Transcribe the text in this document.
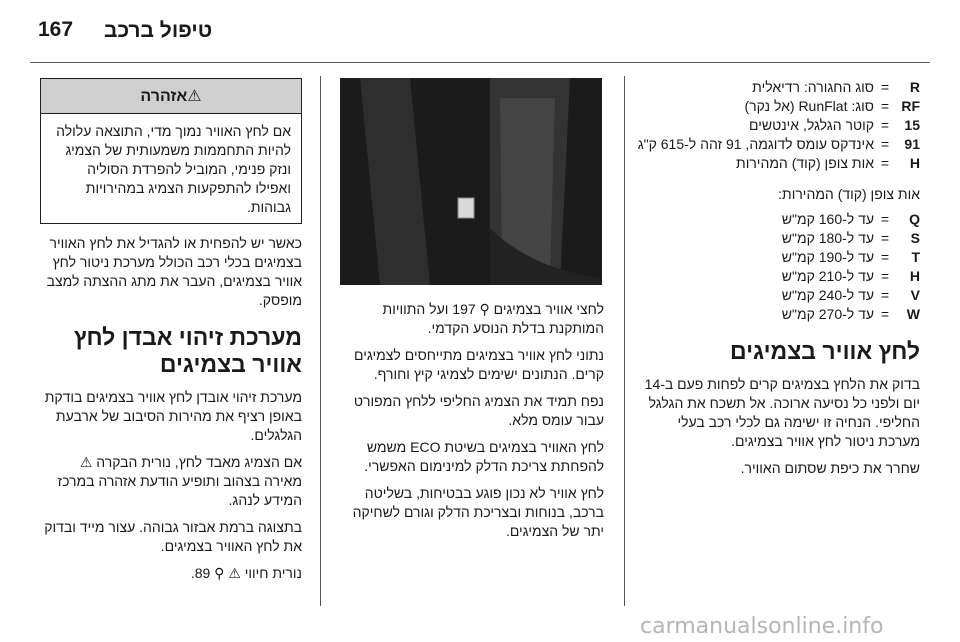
167 טיפול ברכב
R	=	סוג החגורה: רדיאלית
RF	=	סוג: RunFlat (אל נקר)
15	=	קוטר הגלגל, אינטשים
91	=	אינדקס עומס לדוגמה, 91 זהה ל-615 ק"ג
H	=	אות צופן (קוד) המהירות

אות צופן (קוד) המהירות:

Q	=	עד ל-160 קמ"ש
S	=	עד ל-180 קמ"ש
T	=	עד ל-190 קמ"ש
H	=	עד ל-210 קמ"ש
V	=	עד ל-240 קמ"ש
W	=	עד ל-270 קמ"ש
לחץ אוויר בצמיגים

בדוק את הלחץ בצמיגים קרים לפחות פעם ב-14 יום ולפני כל נסיעה ארוכה. אל תשכח את הגלגל החליפי. הנחיה זו ישימה גם לכלי רכב בעלי מערכת ניטור לחץ אוויר בצמיגים.

שחרר את כיפת שסתום האוויר.

לחצי אוויר בצמיגים ⚲ 197 ועל התוויות המותקנת בדלת הנוסע הקדמי.

נתוני לחץ אוויר בצמיגים מתייחסים לצמיגים קרים. הנתונים ישימים לצמיגי קיץ וחורף.

נפח תמיד את הצמיג החליפי ללחץ המפורט עבור עומס מלא.

לחץ האוויר בצמיגים בשיטת ECO משמש להפחתת צריכת הדלק למינימום האפשרי.

לחץ אוויר לא נכון פוגע בבטיחות, בשליטה ברכב, בנוחות ובצריכת הדלק וגורם לשחיקה יתר של הצמיגים.

⚠אזהרה
אם לחץ האוויר נמוך מדי, התוצאה עלולה להיות התחממות משמעותית של הצמיג ונזק פנימי, המוביל להפרדת הסוליה ואפילו להתפקעות הצמיג במהירויות גבוהות.

כאשר יש להפחית או להגדיל את לחץ האוויר בצמיגים בכלי רכב הכולל מערכת ניטור לחץ אוויר בצמיגים, העבר את מתג ההצתה למצב מופסק.

מערכת זיהוי אבדן לחץ אוויר בצמיגים

מערכת זיהוי אובדן לחץ אוויר בצמיגים בודקת באופן רציף את מהירות הסיבוב של ארבעת הגלגלים.

אם הצמיג מאבד לחץ, נורית הבקרה ⚠ מאירה בצהוב ותופיע הודעת אזהרה במרכז המידע לנהג.

בתצוגה ברמת אבזור גבוהה. עצור מייד ובדוק את לחץ האוויר בצמיגים.

נורית חיווי ⚠ ⚲ 89.

carmanualsonline.info
